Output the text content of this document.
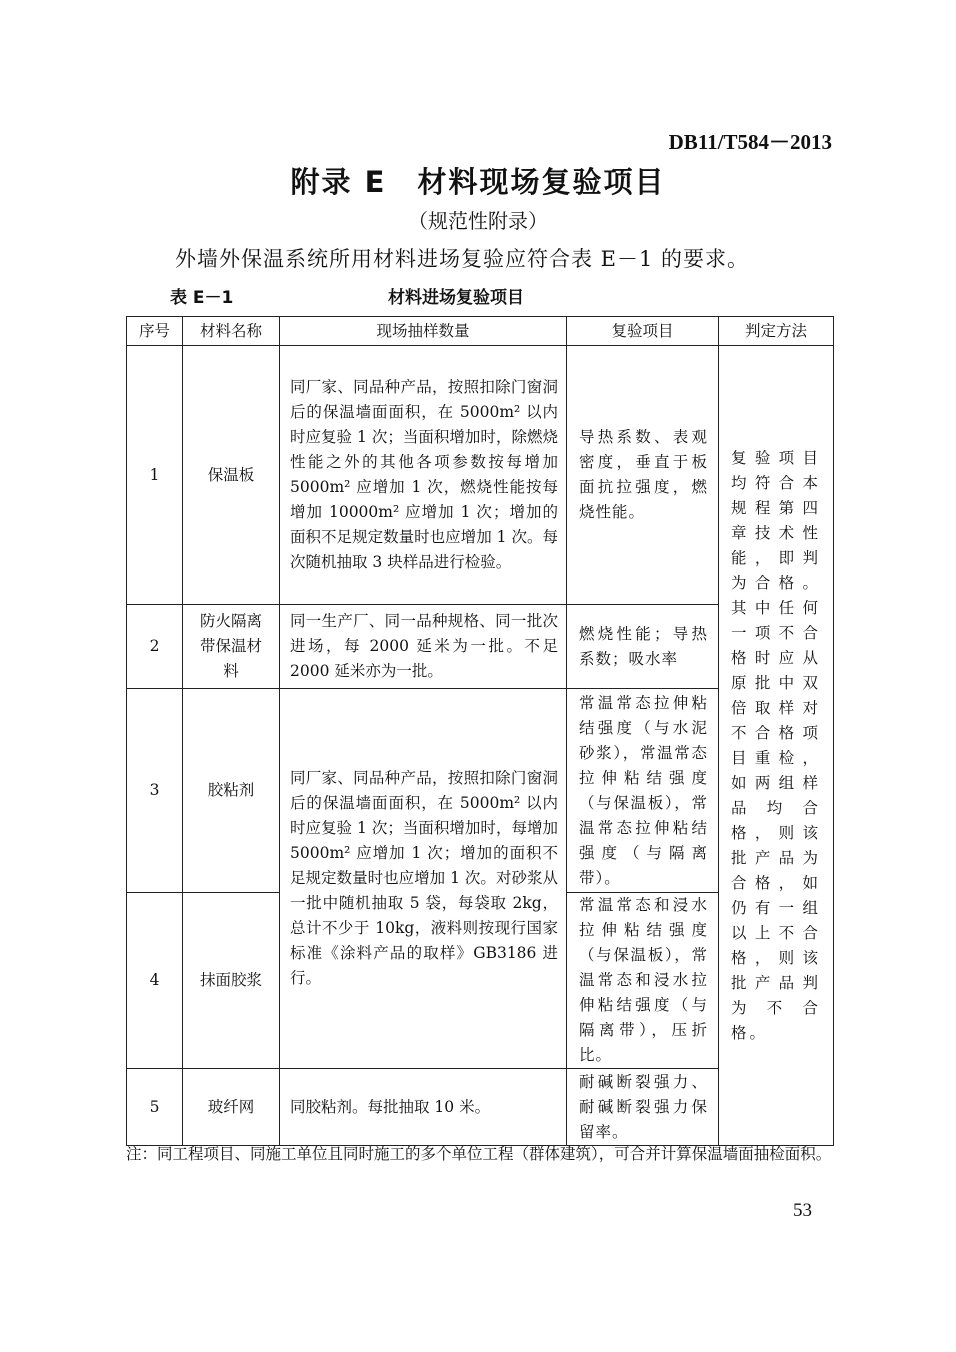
DB11/T584－2013
附录 E　材料现场复验项目
（规范性附录）
外墙外保温系统所用材料进场复验应符合表 E－1 的要求。
表 E－1	材料进场复验项目
序号	材料名称	现场抽样数量	复验项目	判定方法
1	保温板	同厂家、同品种产品，按照扣除门窗洞后的保温墙面面积，在 5000m² 以内时应复验 1 次；当面积增加时，除燃烧性能之外的其他各项参数按每增加 5000m² 应增加 1 次，燃烧性能按每增加 10000m² 应增加 1 次；增加的面积不足规定数量时也应增加 1 次。每次随机抽取 3 块样品进行检验。	导热系数、表观密度，垂直于板面抗拉强度，燃烧性能。	复验项目均符合本规程第四章技术性能，即判为合格。其中任何一项不合格时应从原批中双倍取样对不合格项目重检，如两组样品均合格，则该批产品为合格，如仍有一组以上不合格，则该批产品判为不合格。
2	防火隔离带保温材料	同一生产厂、同一品种规格、同一批次进场，每 2000 延米为一批。不足 2000 延米亦为一批。	燃烧性能；导热系数；吸水率	
3	胶粘剂	同厂家、同品种产品，按照扣除门窗洞后的保温墙面面积，在 5000m² 以内时应复验 1 次；当面积增加时，每增加 5000m² 应增加 1 次；增加的面积不足规定数量时也应增加 1 次。对砂浆从一批中随机抽取 5 袋，每袋取 2kg，总计不少于 10kg，液料则按现行国家标准《涂料产品的取样》GB3186 进行。	常温常态拉伸粘结强度（与水泥砂浆），常温常态拉伸粘结强度（与保温板），常温常态拉伸粘结强度（与隔离带）。	
4	抹面胶浆		常温常态和浸水拉伸粘结强度（与保温板），常温常态和浸水拉伸粘结强度（与隔离带），压折比。	
5	玻纤网	同胶粘剂。每批抽取 10 米。	耐碱断裂强力、耐碱断裂强力保留率。	
注：同工程项目、同施工单位且同时施工的多个单位工程（群体建筑），可合并计算保温墙面抽检面积。
53
